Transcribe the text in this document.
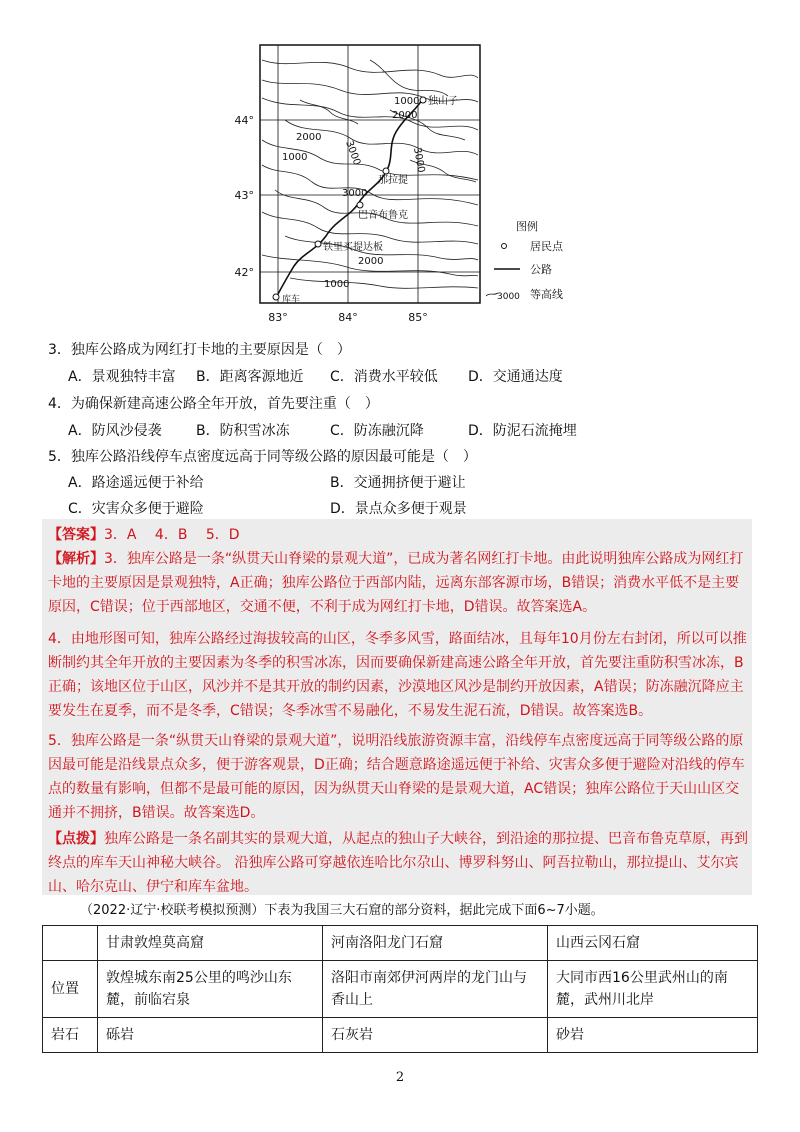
独山子
那拉提
巴音布鲁克
铁里买提达板
库车
1000
2000
2000
3000
1000	3000
3000
2000
1000
44°
43°
42°
83°	84°	85°
图例
居民点
公路
3000 等高线
3．独库公路成为网红打卡地的主要原因是（　）
A．景观独特丰富 B．距离客源地近 C．消费水平较低 D．交通通达度
4．为确保新建高速公路全年开放，首先要注重（　）
A．防风沙侵袭 B．防积雪冰冻	C．防冻融沉降	D．防泥石流掩埋
5．独库公路沿线停车点密度远高于同等级公路的原因最可能是（　）
A．路途遥远便于补给	B．交通拥挤便于避让
C．灾害众多便于避险	D．景点众多便于观景
【答案】3．A　 4．B　 5．D
【解析】3．独库公路是一条“纵贯天山脊梁的景观大道”，已成为著名网红打卡地。由此说明独库公路成为网红打卡地的主要原因是景观独特，A正确；独库公路位于西部内陆，远离东部客源市场，B错误；消费水平低不是主要原因，C错误；位于西部地区，交通不便，不利于成为网红打卡地，D错误。故答案选A。
4．由地形图可知，独库公路经过海拔较高的山区，冬季多风雪，路面结冰，且每年10月份左右封闭，所以可以推断制约其全年开放的主要因素为冬季的积雪冰冻，因而要确保新建高速公路全年开放，首先要注重防积雪冰冻，B正确；该地区位于山区，风沙并不是其开放的制约因素，沙漠地区风沙是制约开放因素，A错误；防冻融沉降应主要发生在夏季，而不是冬季，C错误；冬季冰雪不易融化，不易发生泥石流，D错误。故答案选B。
5．独库公路是一条“纵贯天山脊梁的景观大道”，说明沿线旅游资源丰富，沿线停车点密度远高于同等级公路的原因最可能是沿线景点众多，便于游客观景，D正确；结合题意路途遥远便于补给、灾害众多便于避险对沿线的停车点的数量有影响，但都不是最可能的原因，因为纵贯天山脊梁的是景观大道，AC错误；独库公路位于天山山区交通并不拥挤，B错误。故答案选D。
【点拨】独库公路是一条名副其实的景观大道，从起点的独山子大峡谷，到沿途的那拉提、巴音布鲁克草原，再到终点的库车天山神秘大峡谷。 沿独库公路可穿越依连哈比尔尕山、博罗科努山、阿吾拉勒山，那拉提山、艾尔宾山、哈尔克山、伊宁和库车盆地。
（2022·辽宁·校联考模拟预测）下表为我国三大石窟的部分资料，据此完成下面6~7小题。
	甘肃敦煌莫高窟	河南洛阳龙门石窟	山西云冈石窟
位置	敦煌城东南25公里的鸣沙山东麓，前临宕泉	洛阳市南郊伊河两岸的龙门山与香山上	大同市西16公里武州山的南麓，武州川北岸
岩石	砾岩	石灰岩	砂岩
2
